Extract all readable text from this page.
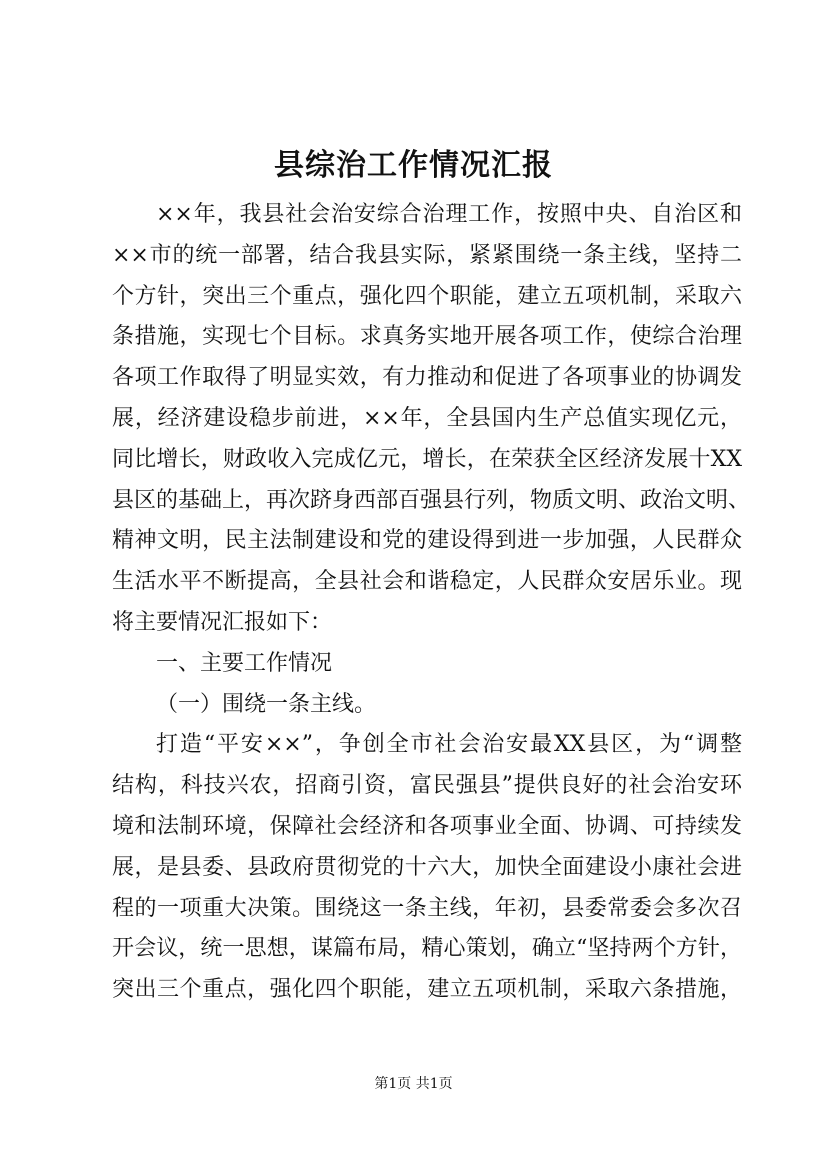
县综治工作情况汇报
××年，我县社会治安综合治理工作，按照中央、自治区和
××市的统一部署，结合我县实际，紧紧围绕一条主线，坚持二
个方针，突出三个重点，强化四个职能，建立五项机制，采取六
条措施，实现七个目标。求真务实地开展各项工作，使综合治理
各项工作取得了明显实效，有力推动和促进了各项事业的协调发
展，经济建设稳步前进，××年，全县国内生产总值实现亿元，
同比增长，财政收入完成亿元，增长，在荣获全区经济发展十XX
县区的基础上，再次跻身西部百强县行列，物质文明、政治文明、
精神文明，民主法制建设和党的建设得到进一步加强，人民群众
生活水平不断提高，全县社会和谐稳定，人民群众安居乐业。现
将主要情况汇报如下：
一、主要工作情况
（一）围绕一条主线。
打造“平安××”，争创全市社会治安最XX县区，为“调整
结构，科技兴农，招商引资，富民强县”提供良好的社会治安环
境和法制环境，保障社会经济和各项事业全面、协调、可持续发
展，是县委、县政府贯彻党的十六大，加快全面建设小康社会进
程的一项重大决策。围绕这一条主线，年初，县委常委会多次召
开会议，统一思想，谋篇布局，精心策划，确立“坚持两个方针，
突出三个重点，强化四个职能，建立五项机制，采取六条措施，
第1页 共1页
